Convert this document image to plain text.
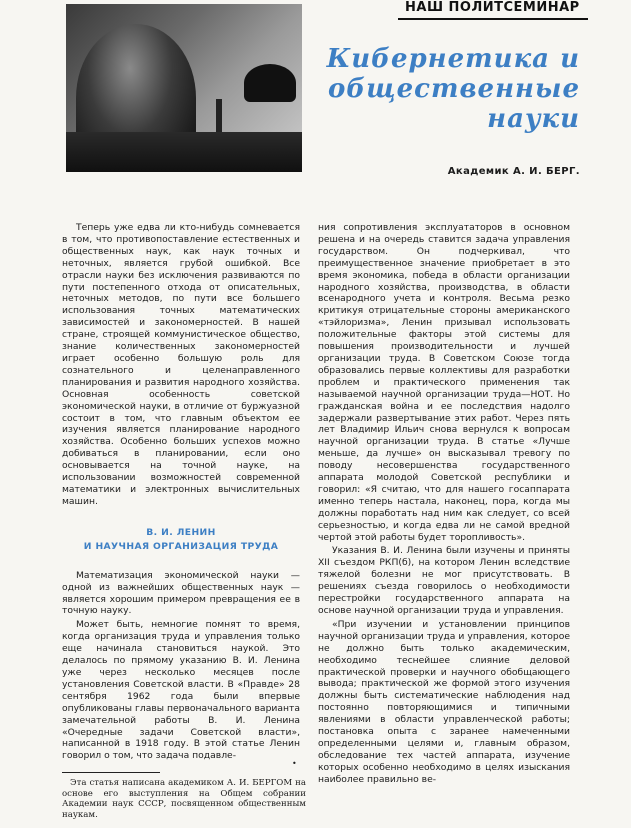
НАШ ПОЛИТСЕМИНАР
Кибернетика и общественные науки
Академик А. И. БЕРГ.

Теперь уже едва ли кто-нибудь сомневается в том, что противопоставление естественных и общественных наук, как наук точных и неточных, является грубой ошибкой. Все отрасли науки без исключения развиваются по пути постепенного отхода от описательных, неточных методов, по пути все большего использования точных математических зависимостей и закономерностей. В нашей стране, строящей коммунистическое общество, знание количественных закономерностей играет особенно большую роль для сознательного и целенаправленного планирования и развития народного хозяйства. Основная особенность советской экономической науки, в отличие от буржуазной состоит в том, что главным объектом ее изучения является планирование народного хозяйства. Особенно больших успехов можно добиваться в планировании, если оно основывается на точной науке, на использовании возможностей современной математики и электронных вычислительных машин.

В. И. ЛЕНИН
И НАУЧНАЯ ОРГАНИЗАЦИЯ ТРУДА

Математизация экономической науки — одной из важнейших общественных наук — является хорошим примером превращения ее в точную науку.

Может быть, немногие помнят то время, когда организация труда и управления только еще начинала становиться наукой. Это делалось по прямому указанию В. И. Ленина уже через несколько месяцев после установления Советской власти. В «Правде» 28 сентября 1962 года были впервые опубликованы главы первоначального варианта замечательной работы В. И. Ленина «Очередные задачи Советской власти», написанной в 1918 году. В этой статье Ленин говорил о том, что задача подавле-

ния сопротивления эксплуататоров в основном решена и на очередь ставится задача управления государством. Он подчеркивал, что преимущественное значение приобретает в это время экономика, победа в области организации народного хозяйства, производства, в области всенародного учета и контроля. Весьма резко критикуя отрицательные стороны американского «тэйлоризма», Ленин призывал использовать положительные факторы этой системы для повышения производительности и лучшей организации труда. В Советском Союзе тогда образовались первые коллективы для разработки проблем и практического применения так называемой научной организации труда—НОТ. Но гражданская война и ее последствия надолго задержали развертывание этих работ. Через пять лет Владимир Ильич снова вернулся к вопросам научной организации труда. В статье «Лучше меньше, да лучше» он высказывал тревогу по поводу несовершенства государственного аппарата молодой Советской республики и говорил: «Я считаю, что для нашего госаппарата именно теперь настала, наконец, пора, когда мы должны поработать над ним как следует, со всей серьезностью, и когда едва ли не самой вредной чертой этой работы будет торопливость».

Указания В. И. Ленина были изучены и приняты XII съездом РКП(б), на котором Ленин вследствие тяжелой болезни не мог присутствовать. В решениях съезда говорилось о необходимости перестройки государственного аппарата на основе научной организации труда и управления.

«При изучении и установлении принципов научной организации труда и управления, которое не должно быть только академическим, необходимо теснейшее слияние деловой практической проверки и научного обобщающего вывода; практической же формой этого изучения должны быть систематические наблюдения над постоянно повторяющимися и типичными явлениями в области управленческой работы; постановка опыта с заранее намеченными определенными целями и, главным образом, обследование тех частей аппарата, изучение которых особенно необходимо в целях изыскания наиболее правильно ве-

•
Эта статья написана академиком А. И. БЕРГОМ на основе его выступления на Общем собрании Академии наук СССР, посвященном общественным наукам.
